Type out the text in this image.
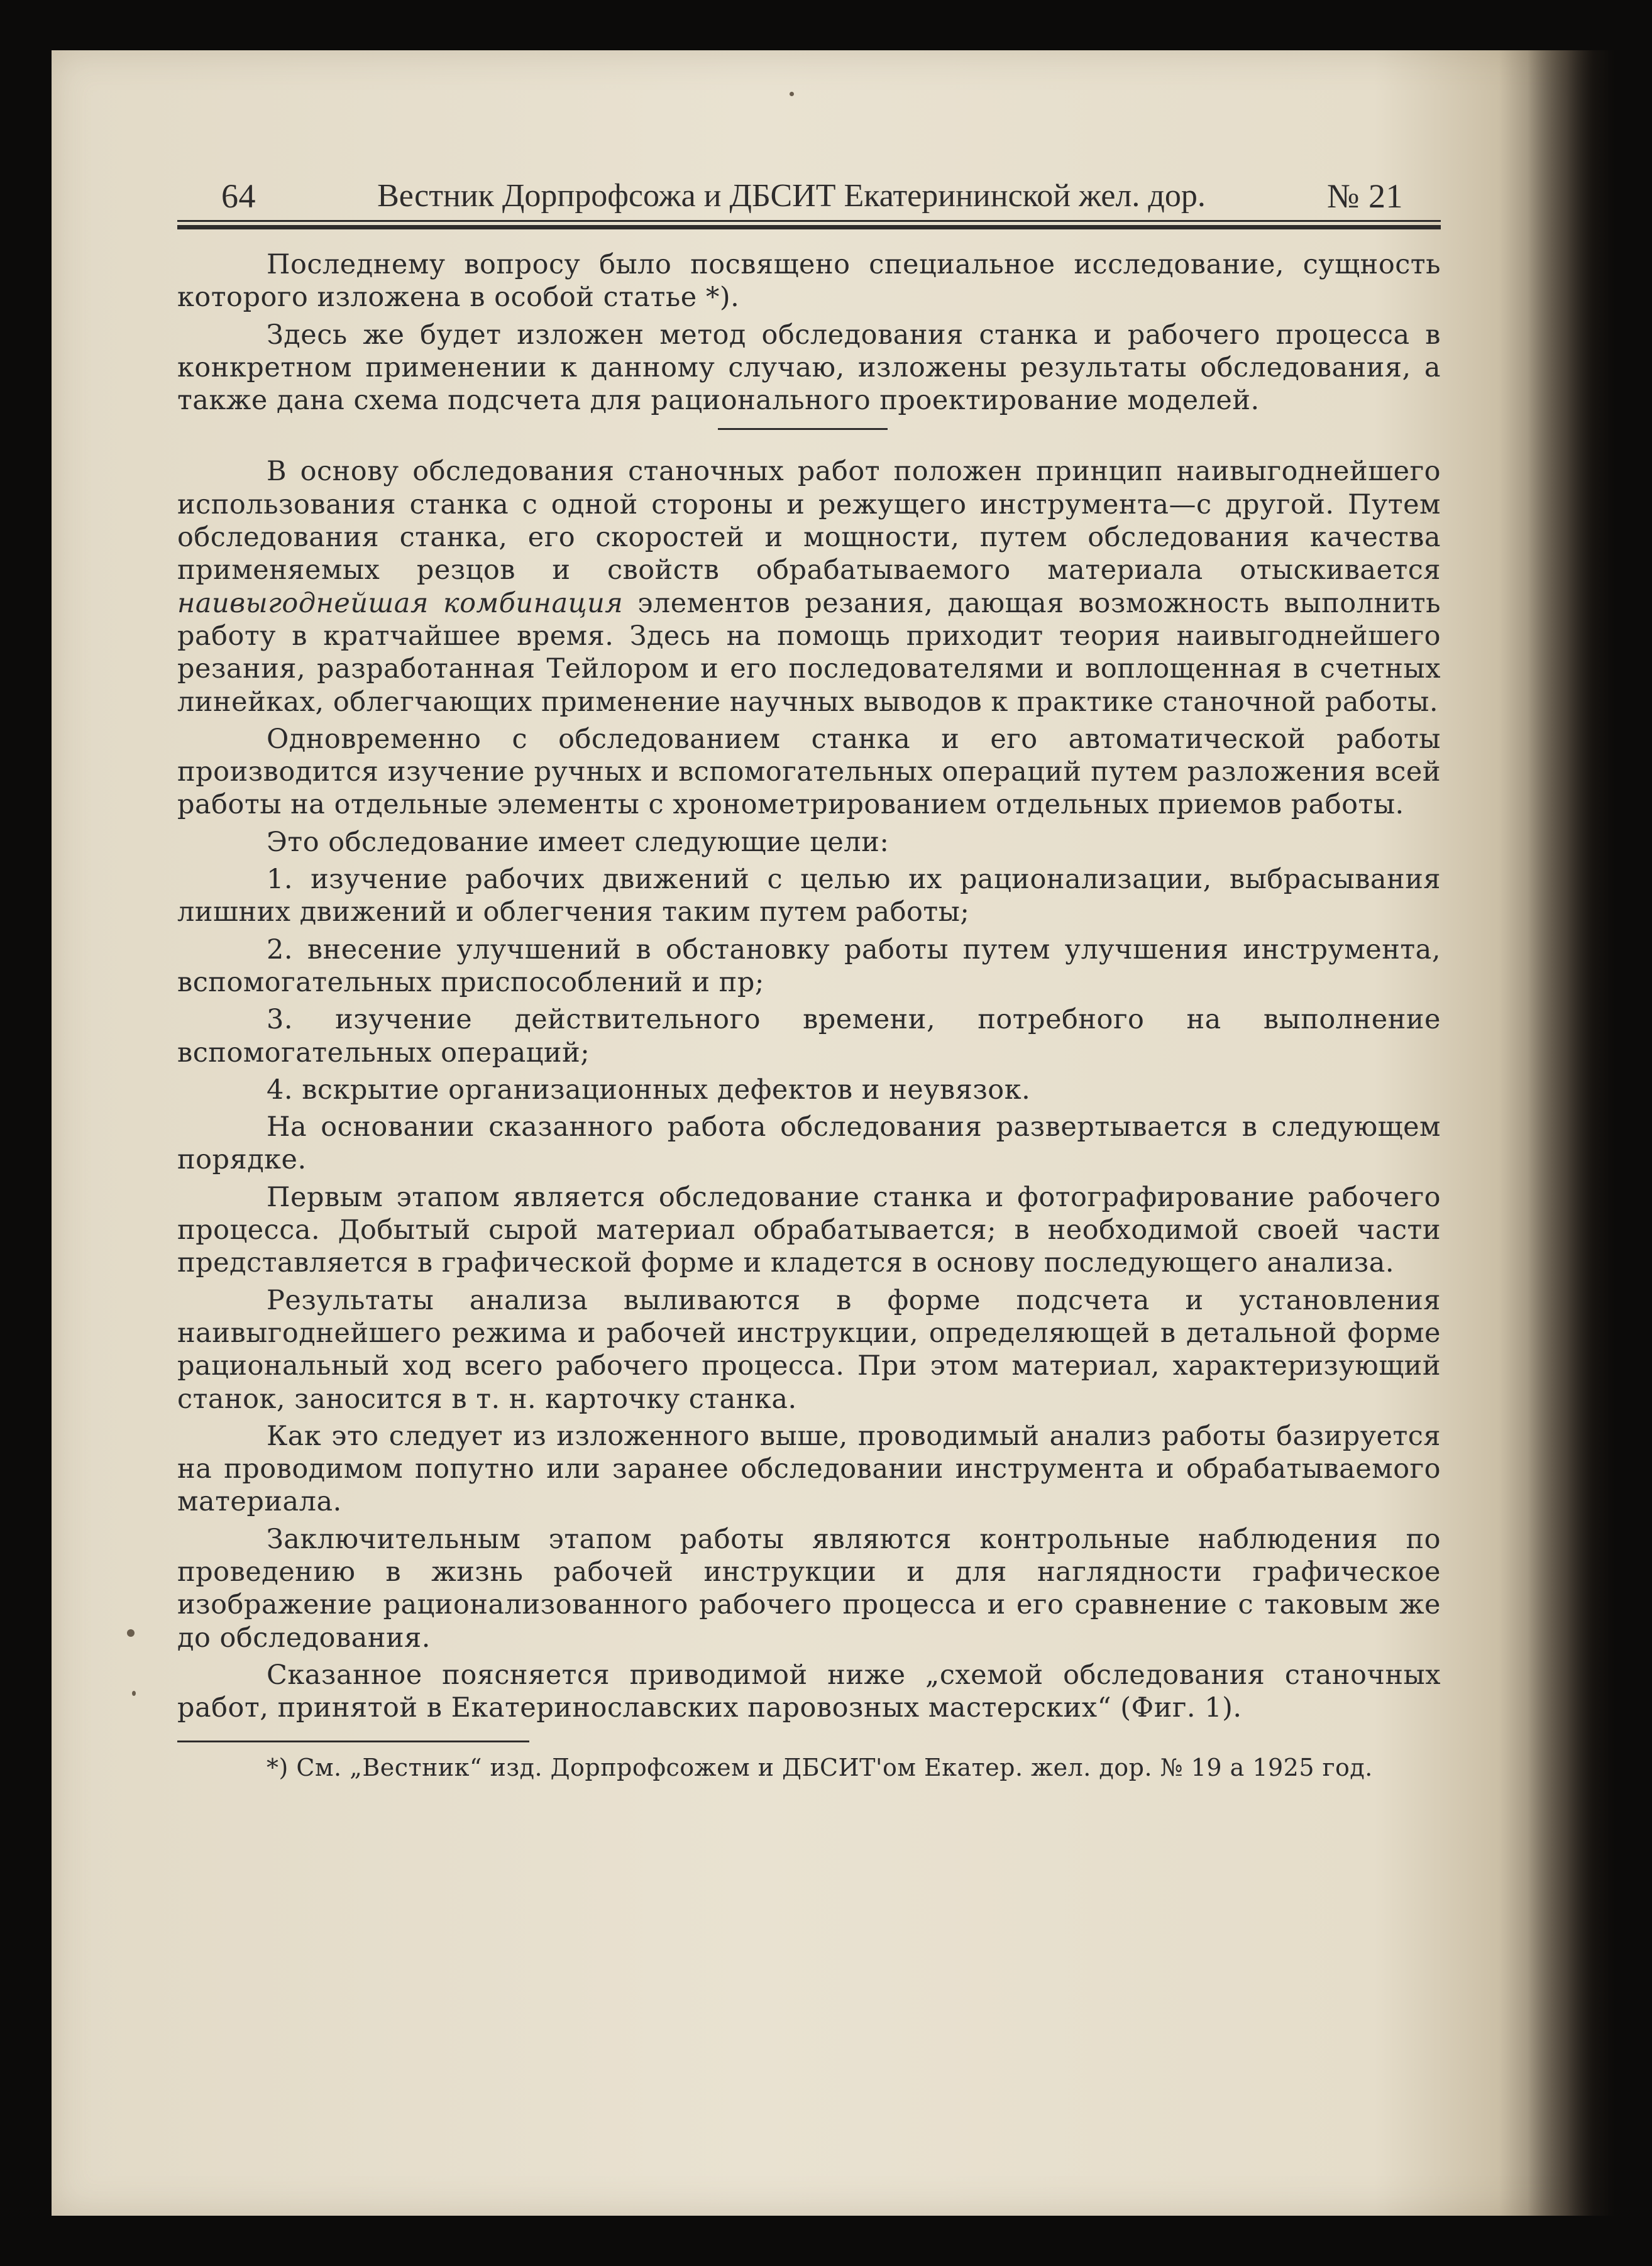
64	Вестник Дорпрофсожа и ДБСИТ Екатерининской жел. дор.	№ 21

Последнему вопросу было посвящено специальное исследование, сущность которого изложена в особой статье *).

Здесь же будет изложен метод обследования станка и рабочего процесса в конкретном применении к данному случаю, изложены результаты обследования, а также дана схема подсчета для рационального проектирование моделей.

В основу обследования станочных работ положен принцип наивыгоднейшего использования станка с одной стороны и режущего инструмента—с другой. Путем обследования станка, его скоростей и мощности, путем обследования качества применяемых резцов и свойств обрабатываемого материала отыскивается наивыгоднейшая комбинация элементов резания, дающая возможность выполнить работу в кратчайшее время. Здесь на помощь приходит теория наивыгоднейшего резания, разработанная Тейлором и его последователями и воплощенная в счетных линейках, облегчающих применение научных выводов к практике станочной работы.

Одновременно с обследованием станка и его автоматической работы производится изучение ручных и вспомогательных операций путем разложения всей работы на отдельные элементы с хронометрированием отдельных приемов работы.

Это обследование имеет следующие цели:

1. изучение рабочих движений с целью их рационализации, выбрасывания лишних движений и облегчения таким путем работы;

2. внесение улучшений в обстановку работы путем улучшения инструмента, вспомогательных приспособлений и пр;

3. изучение действительного времени, потребного на выполнение вспомогательных операций;

4. вскрытие организационных дефектов и неувязок.

На основании сказанного работа обследования развертывается в следующем порядке.

Первым этапом является обследование станка и фотографирование рабочего процесса. Добытый сырой материал обрабатывается; в необходимой своей части представляется в графической форме и кладется в основу последующего анализа.

Результаты анализа выливаются в форме подсчета и установления наивыгоднейшего режима и рабочей инструкции, определяющей в детальной форме рациональный ход всего рабочего процесса. При этом материал, характеризующий станок, заносится в т. н. карточку станка.

Как это следует из изложенного выше, проводимый анализ работы базируется на проводимом попутно или заранее обследовании инструмента и обрабатываемого материала.

Заключительным этапом работы являются контрольные наблюдения по проведению в жизнь рабочей инструкции и для наглядности графическое изображение рационализованного рабочего процесса и его сравнение с таковым же до обследования.

Сказанное поясняется приводимой ниже „схемой обследования станочных работ, принятой в Екатеринославских паровозных мастерских“ (Фиг. 1).

*) См. „Вестник“ изд. Дорпрофсожем и ДБСИТ'ом Екатер. жел. дор. № 19 а 1925 год.
